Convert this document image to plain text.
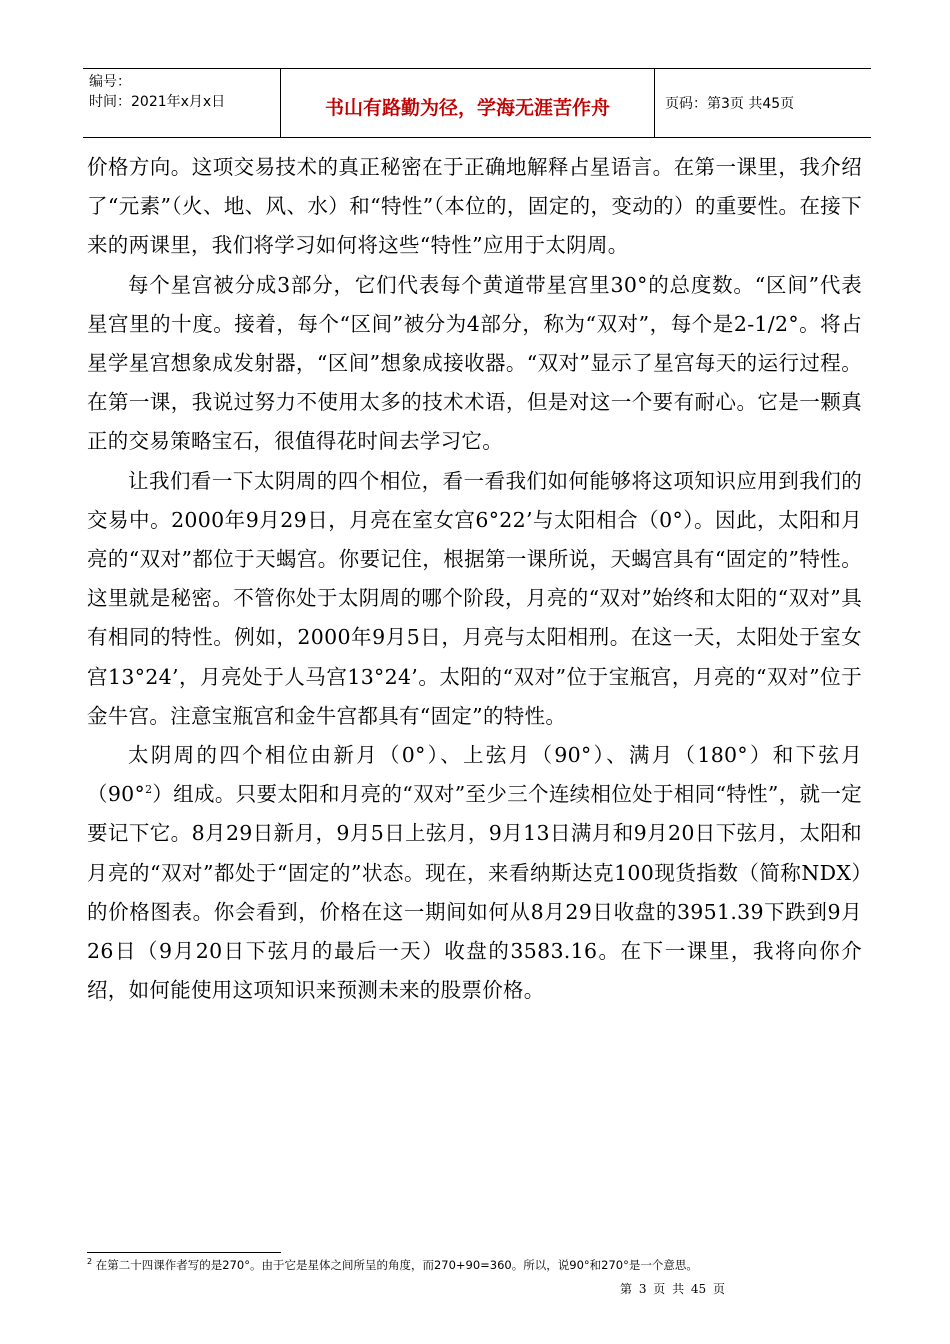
编号：
时间：2021年x月x日	书山有路勤为径，学海无涯苦作舟	页码：第3页 共45页

价格方向。这项交易技术的真正秘密在于正确地解释占星语言。在第一课里，我介绍了“元素”（火、地、风、水）和“特性”（本位的，固定的，变动的）的重要性。在接下来的两课里，我们将学习如何将这些“特性”应用于太阴周。

每个星宫被分成3部分，它们代表每个黄道带星宫里30°的总度数。“区间”代表星宫里的十度。接着，每个“区间”被分为4部分，称为“双对”，每个是2-1/2°。将占星学星宫想象成发射器，“区间”想象成接收器。“双对”显示了星宫每天的运行过程。在第一课，我说过努力不使用太多的技术术语，但是对这一个要有耐心。它是一颗真正的交易策略宝石，很值得花时间去学习它。

让我们看一下太阴周的四个相位，看一看我们如何能够将这项知识应用到我们的交易中。2000年9月29日，月亮在室女宫6°22’与太阳相合（0°）。因此，太阳和月亮的“双对”都位于天蝎宫。你要记住，根据第一课所说，天蝎宫具有“固定的”特性。这里就是秘密。不管你处于太阴周的哪个阶段，月亮的“双对”始终和太阳的“双对”具有相同的特性。例如，2000年9月5日，月亮与太阳相刑。在这一天，太阳处于室女宫13°24’，月亮处于人马宫13°24’。太阳的“双对”位于宝瓶宫，月亮的“双对”位于金牛宫。注意宝瓶宫和金牛宫都具有“固定”的特性。

太阴周的四个相位由新月（0°）、上弦月（90°）、满月（180°）和下弦月（90°$^2$）组成。只要太阳和月亮的“双对”至少三个连续相位处于相同“特性”，就一定要记下它。8月29日新月，9月5日上弦月，9月13日满月和9月20日下弦月，太阳和月亮的“双对”都处于“固定的”状态。现在，来看纳斯达克100现货指数（简称NDX）的价格图表。你会看到，价格在这一期间如何从8月29日收盘的3951.39下跌到9月26日（9月20日下弦月的最后一天）收盘的3583.16。在下一课里，我将向你介绍，如何能使用这项知识来预测未来的股票价格。

$^2$ 在第二十四课作者写的是270°。由于它是星体之间所呈的角度，而270+90=360。所以，说90°和270°是一个意思。
第 3 页 共 45 页
